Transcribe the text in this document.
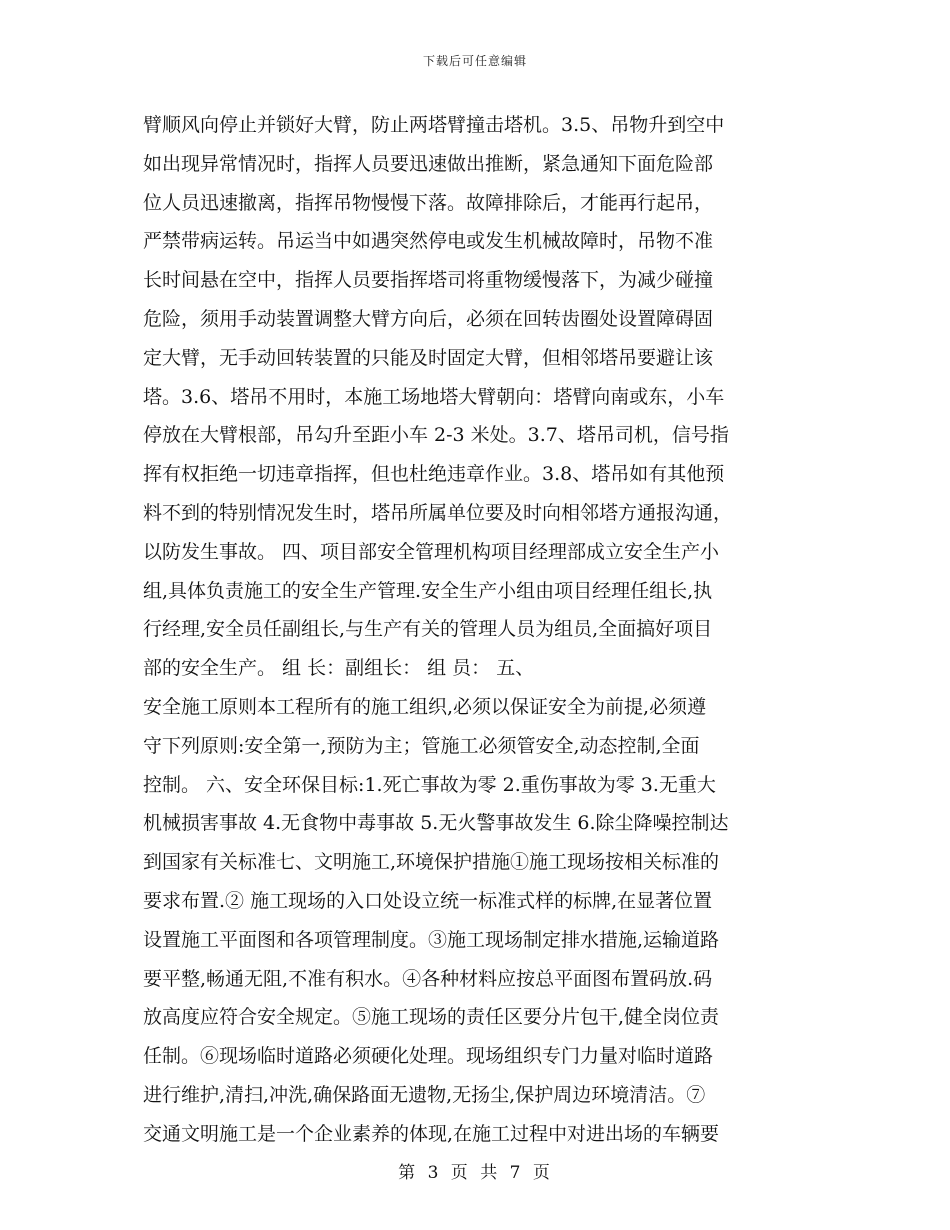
下载后可任意编辑
臂顺风向停止并锁好大臂，防止两塔臂撞击塔机。3.5、吊物升到空中
如出现异常情况时，指挥人员要迅速做出推断，紧急通知下面危险部
位人员迅速撤离，指挥吊物慢慢下落。故障排除后，才能再行起吊，
严禁带病运转。吊运当中如遇突然停电或发生机械故障时，吊物不准
长时间悬在空中，指挥人员要指挥塔司将重物缓慢落下，为减少碰撞
危险，须用手动装置调整大臂方向后，必须在回转齿圈处设置障碍固
定大臂，无手动回转装置的只能及时固定大臂，但相邻塔吊要避让该
塔。3.6、塔吊不用时，本施工场地塔大臂朝向：塔臂向南或东，小车
停放在大臂根部，吊勾升至距小车 2-3 米处。3.7、塔吊司机，信号指
挥有权拒绝一切违章指挥，但也杜绝违章作业。3.8、塔吊如有其他预
料不到的特别情况发生时，塔吊所属单位要及时向相邻塔方通报沟通，
以防发生事故。 四、项目部安全管理机构项目经理部成立安全生产小
组,具体负责施工的安全生产管理.安全生产小组由项目经理任组长,执
行经理,安全员任副组长,与生产有关的管理人员为组员,全面搞好项目
部的安全生产。 组 长：副组长： 组 员： 五、
安全施工原则本工程所有的施工组织,必须以保证安全为前提,必须遵
守下列原则:安全第一,预防为主；管施工必须管安全,动态控制,全面
控制。 六、安全环保目标:1.死亡事故为零 2.重伤事故为零 3.无重大
机械损害事故 4.无食物中毒事故 5.无火警事故发生 6.除尘降噪控制达
到国家有关标准七、文明施工,环境保护措施①施工现场按相关标准的
要求布置.② 施工现场的入口处设立统一标准式样的标牌,在显著位置
设置施工平面图和各项管理制度。③施工现场制定排水措施,运输道路
要平整,畅通无阻,不准有积水。④各种材料应按总平面图布置码放.码
放高度应符合安全规定。⑤施工现场的责任区要分片包干,健全岗位责
任制。⑥现场临时道路必须硬化处理。现场组织专门力量对临时道路
进行维护,清扫,冲洗,确保路面无遗物,无扬尘,保护周边环境清洁。⑦
交通文明施工是一个企业素养的体现,在施工过程中对进出场的车辆要
第 3 页 共 7 页
